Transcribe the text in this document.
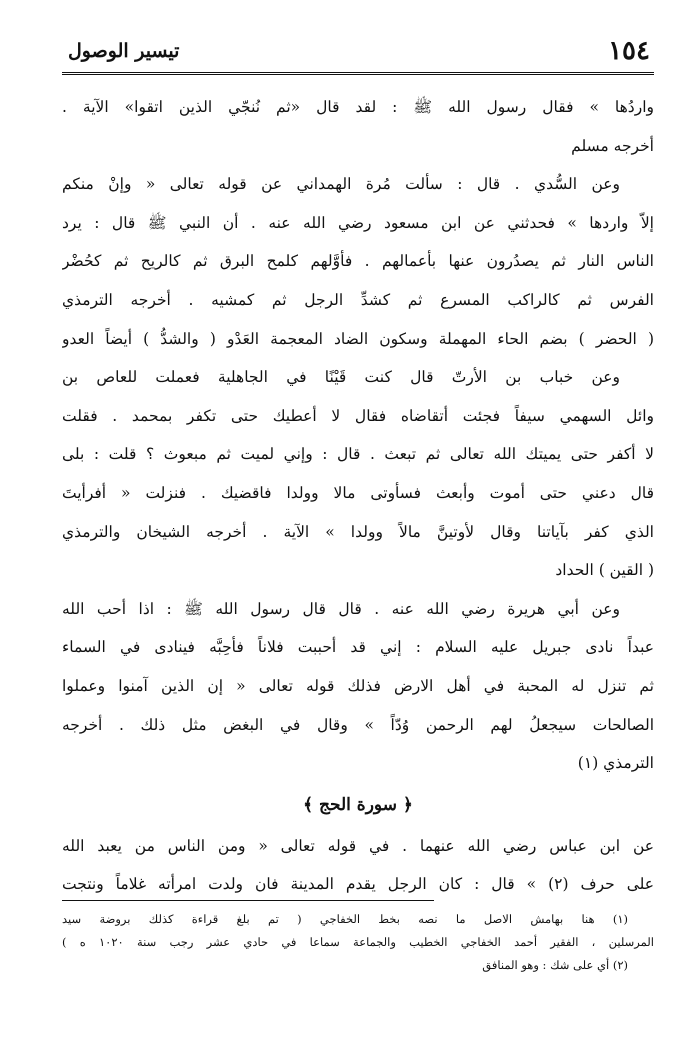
١٥٤
تيسير الوصول
واردُها » فقال رسول الله ﷺ : لقد قال «ثم نُنجّي الذين اتقوا» الآية .
أخرجه مسلم
وعن السُّدي . قال : سألت مُرة الهمداني عن قوله تعالى « وإنْ منكم
إلاّ واردها » فحدثني عن ابن مسعود رضي الله عنه . أن النبي ﷺ قال : يرد
الناس النار ثم يصدُرون عنها بأعمالهم . فأوَّلهم كلمح البرق ثم كالريح ثم كحُضْر
الفرس ثم كالراكب المسرع ثم كشدِّ الرجل ثم كمشيه . أخرجه الترمذي
( الحضر ) بضم الحاء المهملة وسكون الضاد المعجمة العَدْو ( والشدُّ ) أيضاً العدو
وعن خباب بن الأرتّ قال كنت قَيْنًا في الجاهلية فعملت للعاص بن
وائل السهمي سيفاً فجئت أتقاضاه فقال لا أعطيك حتى تكفر بمحمد . فقلت
لا أكفر حتى يميتك الله تعالى ثم تبعث . قال : وإني لميت ثم مبعوث ؟ قلت : بلى
قال دعني حتى أموت وأبعث فسأوتى مالا وولدا فاقضيك . فنزلت « أفرأيتَ
الذي كفر بآياتنا وقال لأوتينَّ مالاً وولدا » الآية . أخرجه الشيخان والترمذي
( القين ) الحداد
وعن أبي هريرة رضي الله عنه . قال قال رسول الله ﷺ : اذا أحب الله
عبداً نادى جبريل عليه السلام : إني قد أحببت فلاناً فأحِبَّه فينادى في السماء
ثم تنزل له المحبة في أهل الارض فذلك قوله تعالى « إن الذين آمنوا وعملوا
الصالحات سيجعلُ لهم الرحمن وُدّاً » وقال في البغض مثل ذلك . أخرجه
الترمذي (١)
﴿ سورة الحج ﴾
عن ابن عباس رضي الله عنهما . في قوله تعالى « ومن الناس من يعبد الله
على حرف (٢) » قال : كان الرجل يقدم المدينة فان ولدت امرأته غلاماً ونتجت
(١) هنا بهامش الاصل ما نصه بخط الخفاجي ( تم بلغ قراءة كذلك بروضة سيد
المرسلين ، الفقير أحمد الخفاجي الخطيب والجماعة سماعا في حادي عشر رجب سنة ١٠٢٠ ه )
(٢) أي على شك : وهو المنافق
